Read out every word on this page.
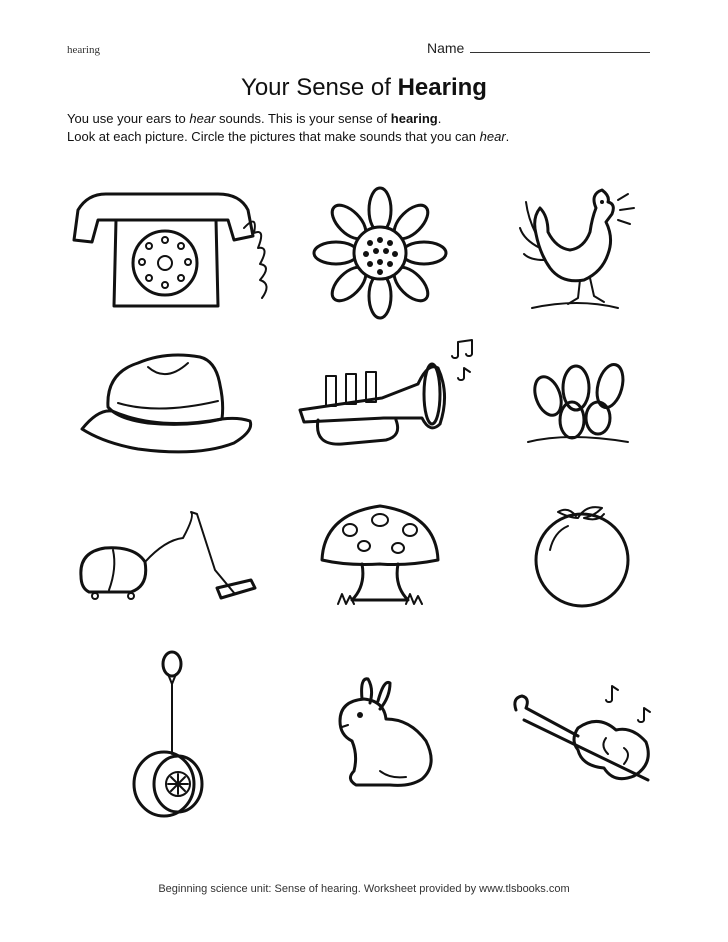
hearing	Name
Your Sense of Hearing
You use your ears to hear sounds. This is your sense of hearing.
Look at each picture. Circle the pictures that make sounds that you can hear.
Beginning science unit: Sense of hearing. Worksheet provided by www.tlsbooks.com
